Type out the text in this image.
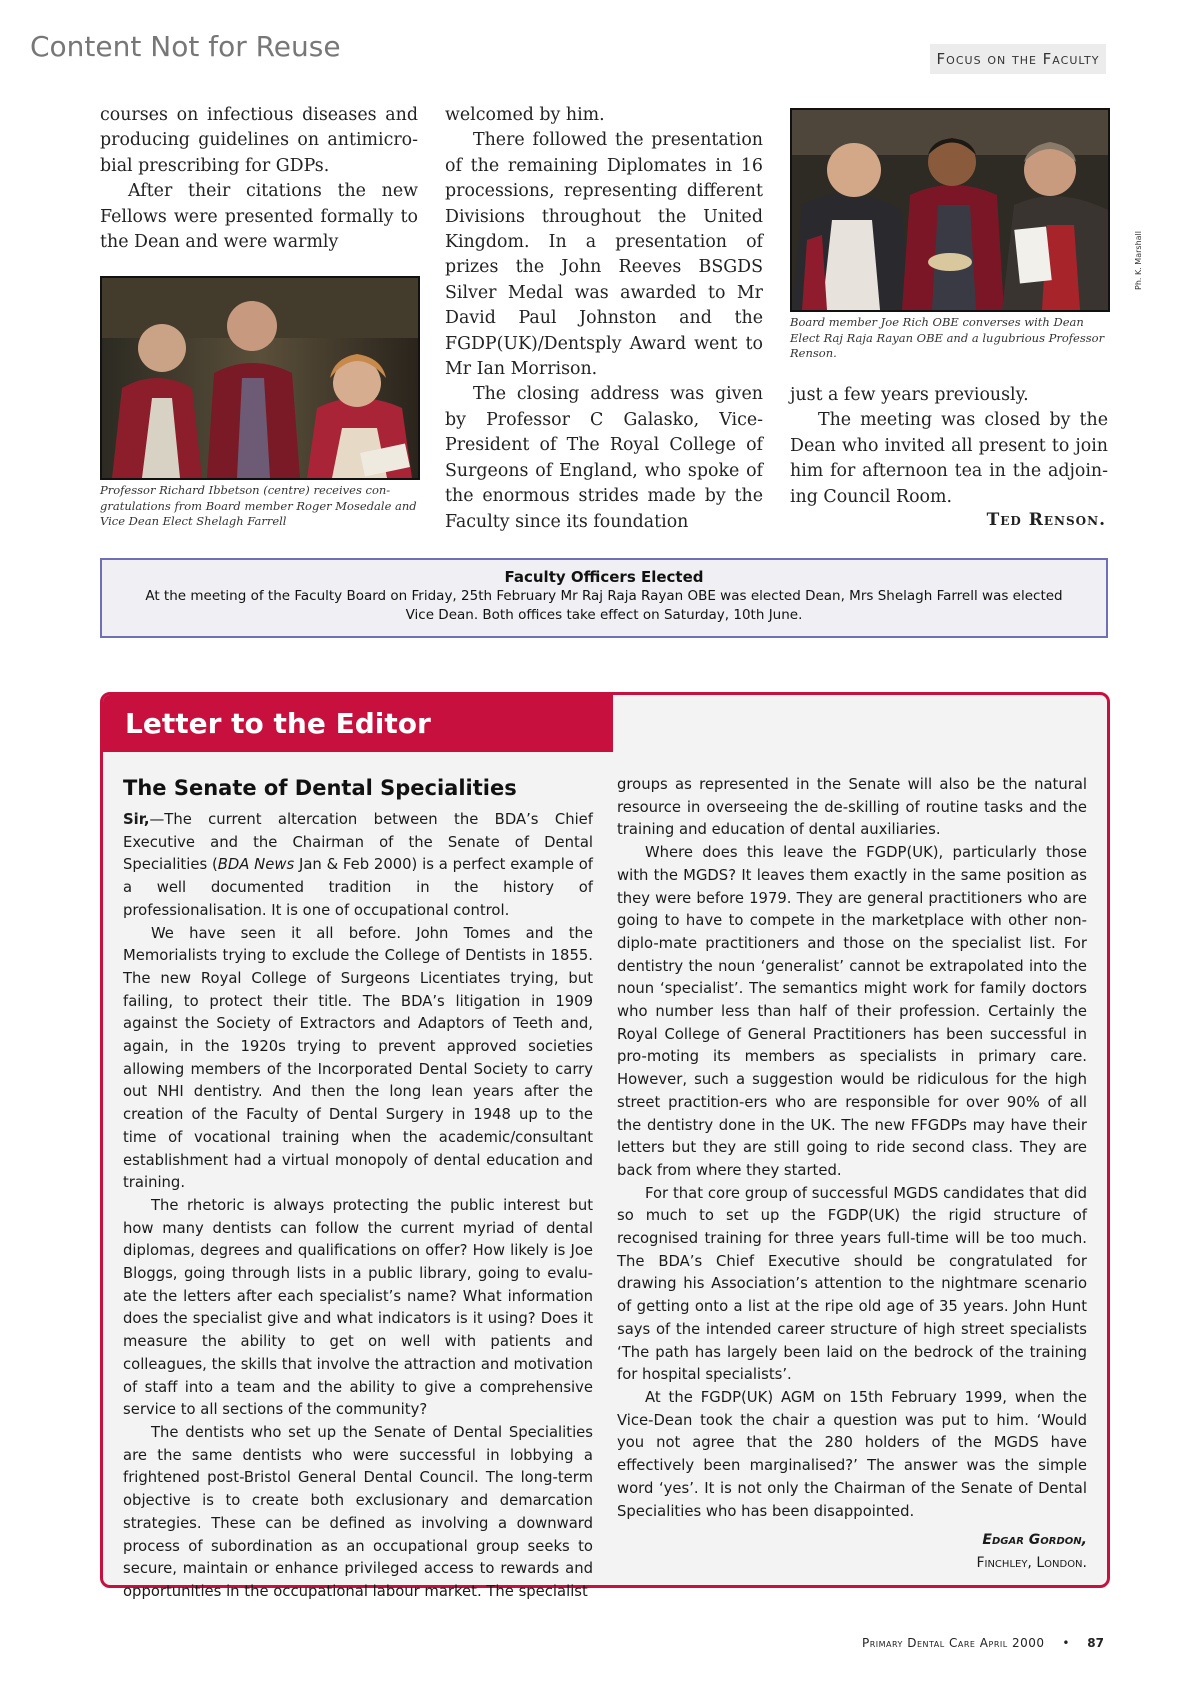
Content Not for Reuse	Focus on the Faculty

courses on infectious diseases and producing guidelines on antimicro-bial prescribing for GDPs.

After their citations the new Fellows were presented formally to the Dean and were warmly

Professor Richard Ibbetson (centre) receives con-gratulations from Board member Roger Mosedale and Vice Dean Elect Shelagh Farrell

welcomed by him.

There followed the presentation of the remaining Diplomates in 16 processions, representing different Divisions throughout the United Kingdom. In a presentation of prizes the John Reeves BSGDS Silver Medal was awarded to Mr David Paul Johnston and the FGDP(UK)/Dentsply Award went to Mr Ian Morrison.

The closing address was given by Professor C Galasko, Vice-President of The Royal College of Surgeons of England, who spoke of the enormous strides made by the Faculty since its foundation

Board member Joe Rich OBE converses with Dean Elect Raj Raja Rayan OBE and a lugubrious Professor Renson.
Ph. K. Marshall

just a few years previously.

The meeting was closed by the Dean who invited all present to join him for afternoon tea in the adjoin-ing Council Room.

Ted Renson.
Faculty Officers Elected
At the meeting of the Faculty Board on Friday, 25th February Mr Raj Raja Rayan OBE was elected Dean, Mrs Shelagh Farrell was elected Vice Dean. Both offices take effect on Saturday, 10th June.
Letter to the Editor
The Senate of Dental Specialities

Sir,—The current altercation between the BDA’s Chief Executive and the Chairman of the Senate of Dental Specialities (BDA News Jan & Feb 2000) is a perfect example of a well documented tradition in the history of professionalisation. It is one of occupational control.

We have seen it all before. John Tomes and the Memorialists trying to exclude the College of Dentists in 1855. The new Royal College of Surgeons Licentiates trying, but failing, to protect their title. The BDA’s litigation in 1909 against the Society of Extractors and Adaptors of Teeth and, again, in the 1920s trying to prevent approved societies allowing members of the Incorporated Dental Society to carry out NHI dentistry. And then the long lean years after the creation of the Faculty of Dental Surgery in 1948 up to the time of vocational training when the academic/consultant establishment had a virtual monopoly of dental education and training.

The rhetoric is always protecting the public interest but how many dentists can follow the current myriad of dental diplomas, degrees and qualifications on offer? How likely is Joe Bloggs, going through lists in a public library, going to evalu-ate the letters after each specialist’s name? What information does the specialist give and what indicators is it using? Does it measure the ability to get on well with patients and colleagues, the skills that involve the attraction and motivation of staff into a team and the ability to give a comprehensive service to all sections of the community?

The dentists who set up the Senate of Dental Specialities are the same dentists who were successful in lobbying a frightened post-Bristol General Dental Council. The long-term objective is to create both exclusionary and demarcation strategies. These can be defined as involving a downward process of subordination as an occupational group seeks to secure, maintain or enhance privileged access to rewards and opportunities in the occupational labour market. The specialist

groups as represented in the Senate will also be the natural resource in overseeing the de-skilling of routine tasks and the training and education of dental auxiliaries.

Where does this leave the FGDP(UK), particularly those with the MGDS? It leaves them exactly in the same position as they were before 1979. They are general practitioners who are going to have to compete in the marketplace with other non-diplo-mate practitioners and those on the specialist list. For dentistry the noun ‘generalist’ cannot be extrapolated into the noun ‘specialist’. The semantics might work for family doctors who number less than half of their profession. Certainly the Royal College of General Practitioners has been successful in pro-moting its members as specialists in primary care. However, such a suggestion would be ridiculous for the high street practition-ers who are responsible for over 90% of all the dentistry done in the UK. The new FFGDPs may have their letters but they are still going to ride second class. They are back from where they started.

For that core group of successful MGDS candidates that did so much to set up the FGDP(UK) the rigid structure of recognised training for three years full-time will be too much. The BDA’s Chief Executive should be congratulated for drawing his Association’s attention to the nightmare scenario of getting onto a list at the ripe old age of 35 years. John Hunt says of the intended career structure of high street specialists ‘The path has largely been laid on the bedrock of the training for hospital specialists’.

At the FGDP(UK) AGM on 15th February 1999, when the Vice-Dean took the chair a question was put to him. ‘Would you not agree that the 280 holders of the MGDS have effectively been marginalised?’ The answer was the simple word ‘yes’. It is not only the Chairman of the Senate of Dental Specialities who has been disappointed.

Edgar Gordon,
Finchley, London.
Primary Dental Care April 2000 • 87
